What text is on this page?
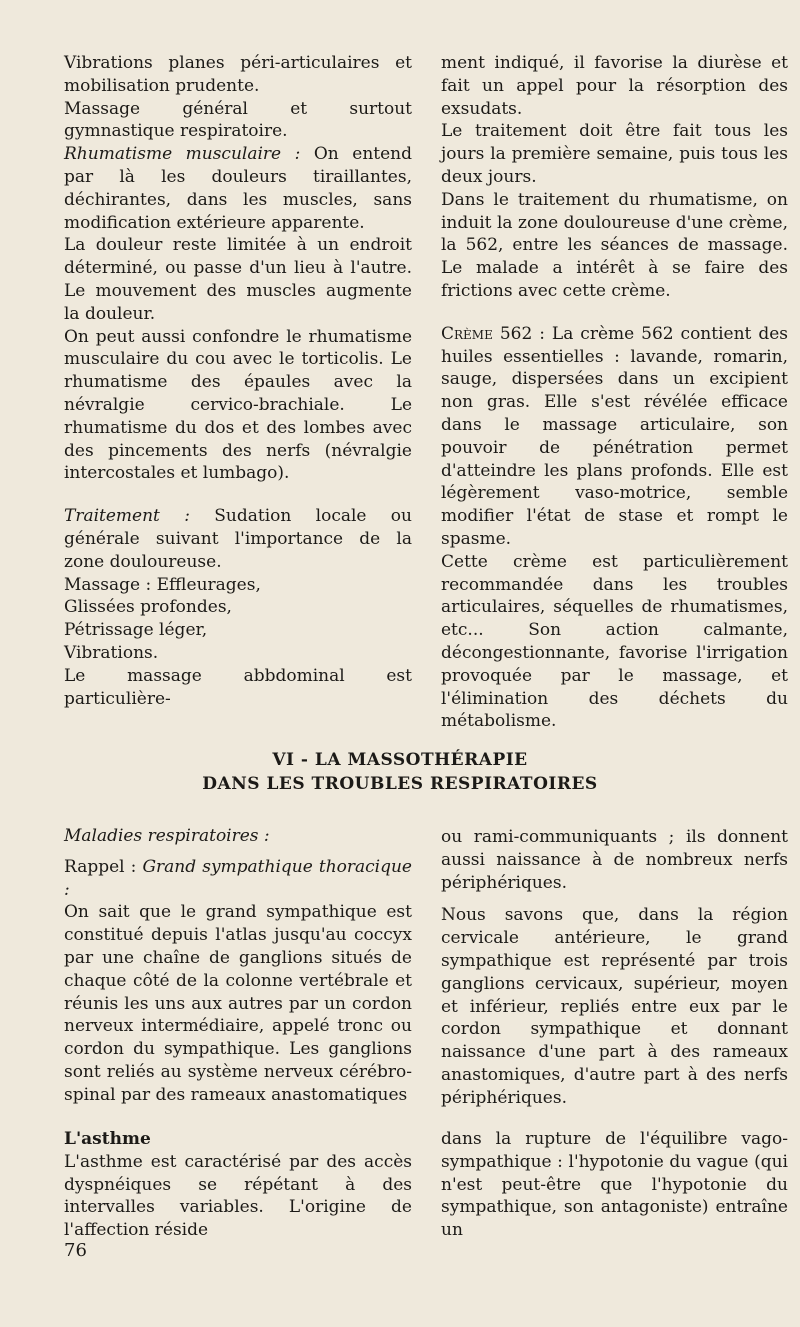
Vibrations planes péri-articulaires et mobilisation prudente.

Massage général et surtout gymnastique respiratoire.

Rhumatisme musculaire : On entend par là les douleurs tiraillantes, déchirantes, dans les muscles, sans modification extérieure apparente.

La douleur reste limitée à un endroit déterminé, ou passe d'un lieu à l'autre. Le mouvement des muscles augmente la douleur.

On peut aussi confondre le rhumatisme musculaire du cou avec le torticolis. Le rhumatisme des épaules avec la névralgie cervico-brachiale. Le rhumatisme du dos et des lombes avec des pincements des nerfs (névralgie intercostales et lumbago).

Traitement : Sudation locale ou générale suivant l'importance de la zone douloureuse.

Massage : Effleurages,

Glissées profondes,

Pétrissage léger,

Vibrations.

Le massage abbdominal est particulière-

ment indiqué, il favorise la diurèse et fait un appel pour la résorption des exsudats.

Le traitement doit être fait tous les jours la première semaine, puis tous les deux jours.

Dans le traitement du rhumatisme, on induit la zone douloureuse d'une crème, la 562, entre les séances de massage. Le malade a intérêt à se faire des frictions avec cette crème.

Crème 562 : La crème 562 contient des huiles essentielles : lavande, romarin, sauge, dispersées dans un excipient non gras. Elle s'est révélée efficace dans le massage articulaire, son pouvoir de pénétration permet d'atteindre les plans profonds. Elle est légèrement vaso-motrice, semble modifier l'état de stase et rompt le spasme.

Cette crème est particulièrement recommandée dans les troubles articulaires, séquelles de rhumatismes, etc... Son action calmante, décongestionnante, favorise l'irrigation provoquée par le massage, et l'élimination des déchets du métabolisme.

VI - LA MASSOTHÉRAPIE
DANS LES TROUBLES RESPIRATOIRES

Maladies respiratoires :

Rappel : Grand sympathique thoracique :

On sait que le grand sympathique est constitué depuis l'atlas jusqu'au coccyx par une chaîne de ganglions situés de chaque côté de la colonne vertébrale et réunis les uns aux autres par un cordon nerveux intermédiaire, appelé tronc ou cordon du sympathique. Les ganglions sont reliés au système nerveux cérébro-spinal par des rameaux anastomatiques

ou rami-communiquants ; ils donnent aussi naissance à de nombreux nerfs périphériques.

Nous savons que, dans la région cervicale antérieure, le grand sympathique est représenté par trois ganglions cervicaux, supérieur, moyen et inférieur, repliés entre eux par le cordon sympathique et donnant naissance d'une part à des rameaux anastomiques, d'autre part à des nerfs périphériques.

L'asthme

L'asthme est caractérisé par des accès dyspnéiques se répétant à des intervalles variables. L'origine de l'affection réside

dans la rupture de l'équilibre vago-sympathique : l'hypotonie du vague (qui n'est peut-être que l'hypotonie du sympathique, son antagoniste) entraîne un

76
